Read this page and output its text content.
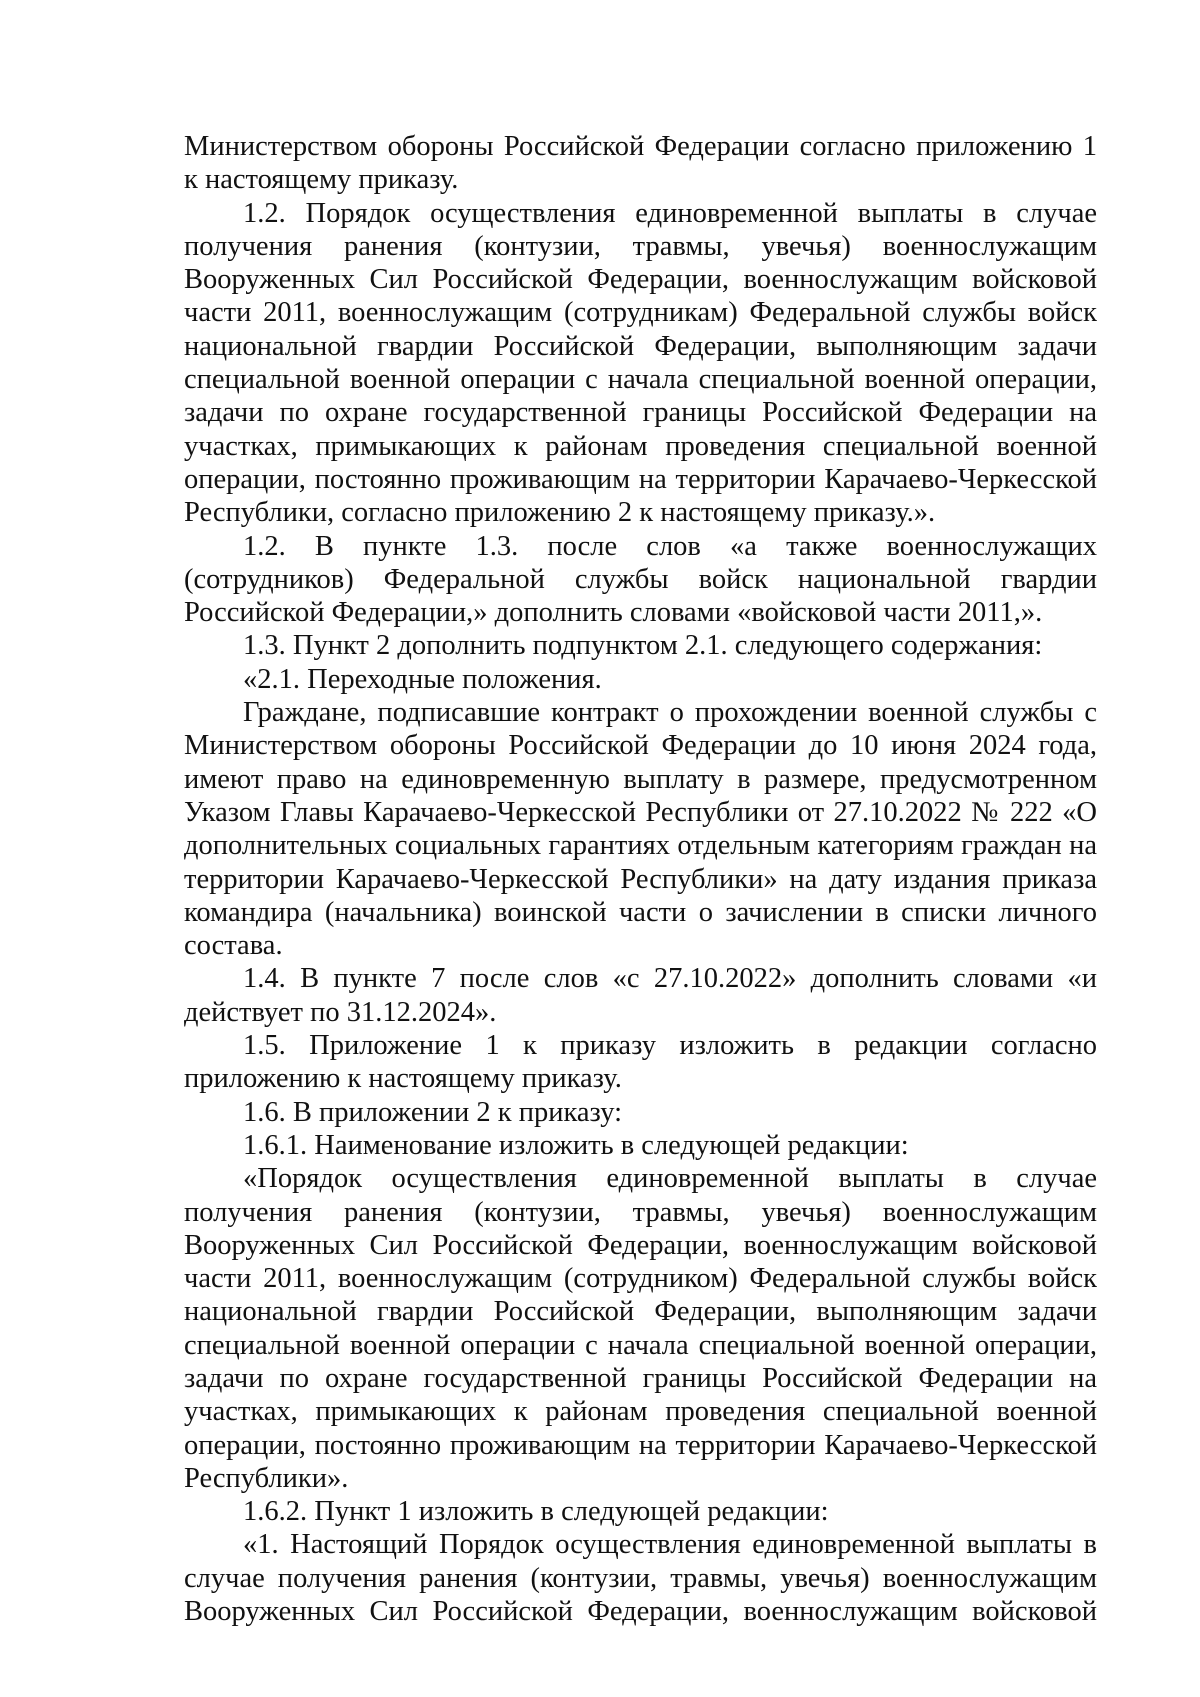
Министерством обороны Российской Федерации согласно приложению 1 к настоящему приказу.

1.2. Порядок осуществления единовременной выплаты в случае получения ранения (контузии, травмы, увечья) военнослужащим Вооруженных Сил Российской Федерации, военнослужащим войсковой части 2011, военнослужащим (сотрудникам) Федеральной службы войск национальной гвардии Российской Федерации, выполняющим задачи специальной военной операции с начала специальной военной операции, задачи по охране государственной границы Российской Федерации на участках, примыкающих к районам проведения специальной военной операции, постоянно проживающим на территории Карачаево-Черкесской Республики, согласно приложению 2 к настоящему приказу.».

1.2. В пункте 1.3. после слов «а также военнослужащих (сотрудников) Федеральной службы войск национальной гвардии Российской Федерации,» дополнить словами «войсковой части 2011,».

1.3. Пункт 2 дополнить подпунктом 2.1. следующего содержания:

«2.1. Переходные положения.

Граждане, подписавшие контракт о прохождении военной службы с Министерством обороны Российской Федерации до 10 июня 2024 года, имеют право на единовременную выплату в размере, предусмотренном Указом Главы Карачаево-Черкесской Республики от 27.10.2022 № 222 «О дополнительных социальных гарантиях отдельным категориям граждан на территории Карачаево-Черкесской Республики» на дату издания приказа командира (начальника) воинской части о зачислении в списки личного состава.

1.4. В пункте 7 после слов «с 27.10.2022» дополнить словами «и действует по 31.12.2024».

1.5. Приложение 1 к приказу изложить в редакции согласно приложению к настоящему приказу.

1.6. В приложении 2 к приказу:

1.6.1. Наименование изложить в следующей редакции:

«Порядок осуществления единовременной выплаты в случае получения ранения (контузии, травмы, увечья) военнослужащим Вооруженных Сил Российской Федерации, военнослужащим войсковой части 2011, военнослужащим (сотрудником) Федеральной службы войск национальной гвардии Российской Федерации, выполняющим задачи специальной военной операции с начала специальной военной операции, задачи по охране государственной границы Российской Федерации на участках, примыкающих к районам проведения специальной военной операции, постоянно проживающим на территории Карачаево-Черкесской Республики».

1.6.2. Пункт 1 изложить в следующей редакции:

«1. Настоящий Порядок осуществления единовременной выплаты в случае получения ранения (контузии, травмы, увечья) военнослужащим Вооруженных Сил Российской Федерации, военнослужащим войсковой
